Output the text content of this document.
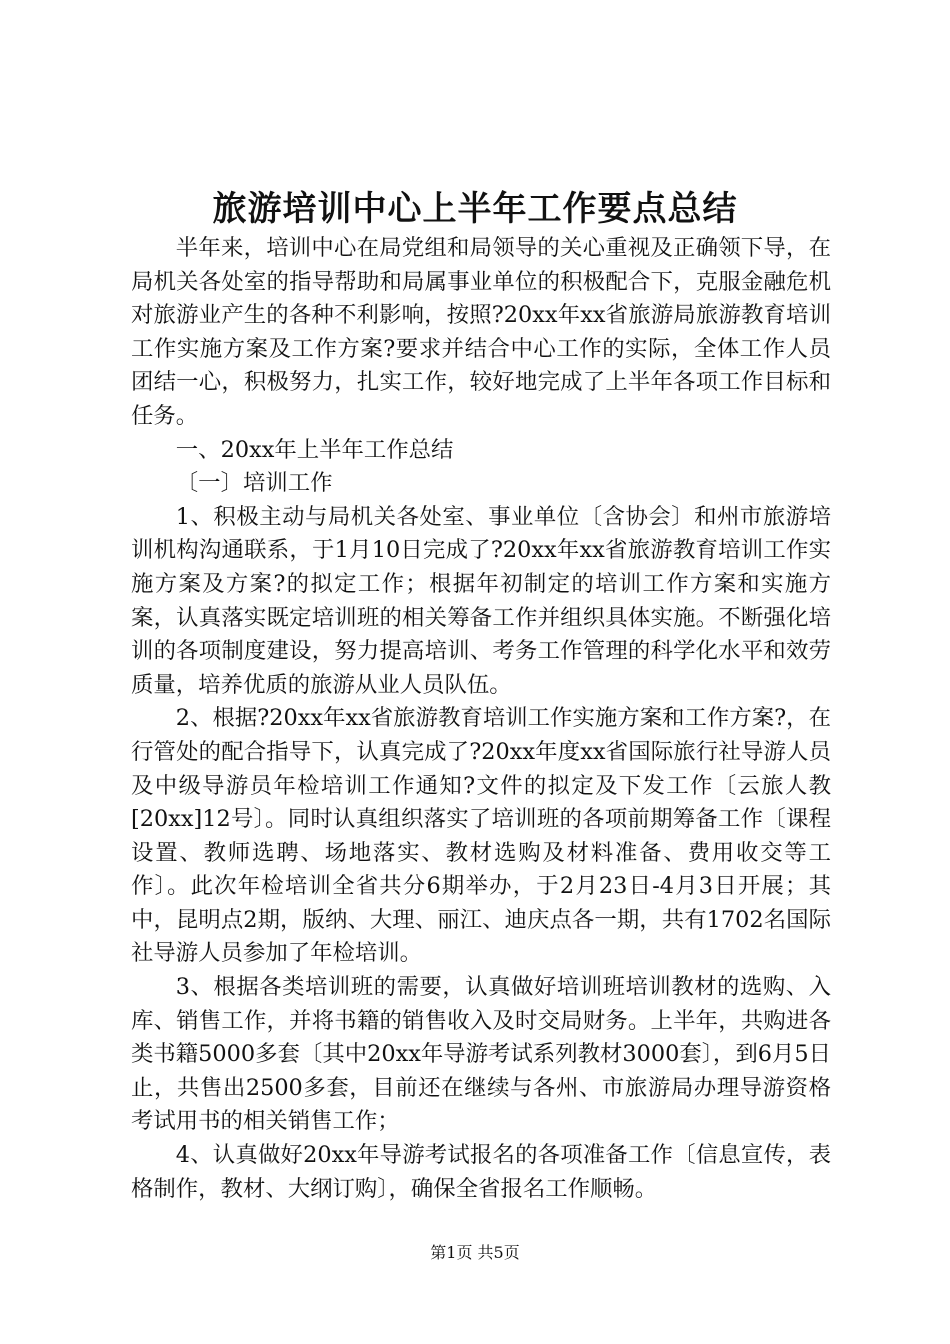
旅游培训中心上半年工作要点总结

半年来，培训中心在局党组和局领导的关心重视及正确领下导，在局机关各处室的指导帮助和局属事业单位的积极配合下，克服金融危机对旅游业产生的各种不利影响，按照?20xx年xx省旅游局旅游教育培训工作实施方案及工作方案?要求并结合中心工作的实际，全体工作人员团结一心，积极努力，扎实工作，较好地完成了上半年各项工作目标和任务。

一、20xx年上半年工作总结

〔一〕培训工作

1、积极主动与局机关各处室、事业单位〔含协会〕和州市旅游培训机构沟通联系，于1月10日完成了?20xx年xx省旅游教育培训工作实施方案及方案?的拟定工作；根据年初制定的培训工作方案和实施方案，认真落实既定培训班的相关筹备工作并组织具体实施。不断强化培训的各项制度建设，努力提高培训、考务工作管理的科学化水平和效劳质量，培养优质的旅游从业人员队伍。

2、根据?20xx年xx省旅游教育培训工作实施方案和工作方案?，在行管处的配合指导下，认真完成了?20xx年度xx省国际旅行社导游人员及中级导游员年检培训工作通知?文件的拟定及下发工作〔云旅人教[20xx]12号〕。同时认真组织落实了培训班的各项前期筹备工作〔课程设置、教师选聘、场地落实、教材选购及材料准备、费用收交等工作〕。此次年检培训全省共分6期举办，于2月23日-4月3日开展；其中，昆明点2期，版纳、大理、丽江、迪庆点各一期，共有1702名国际社导游人员参加了年检培训。

3、根据各类培训班的需要，认真做好培训班培训教材的选购、入库、销售工作，并将书籍的销售收入及时交局财务。上半年，共购进各类书籍5000多套〔其中20xx年导游考试系列教材3000套〕，到6月5日止，共售出2500多套，目前还在继续与各州、市旅游局办理导游资格考试用书的相关销售工作；

4、认真做好20xx年导游考试报名的各项准备工作〔信息宣传，表格制作，教材、大纲订购〕，确保全省报名工作顺畅。

第1页 共5页
